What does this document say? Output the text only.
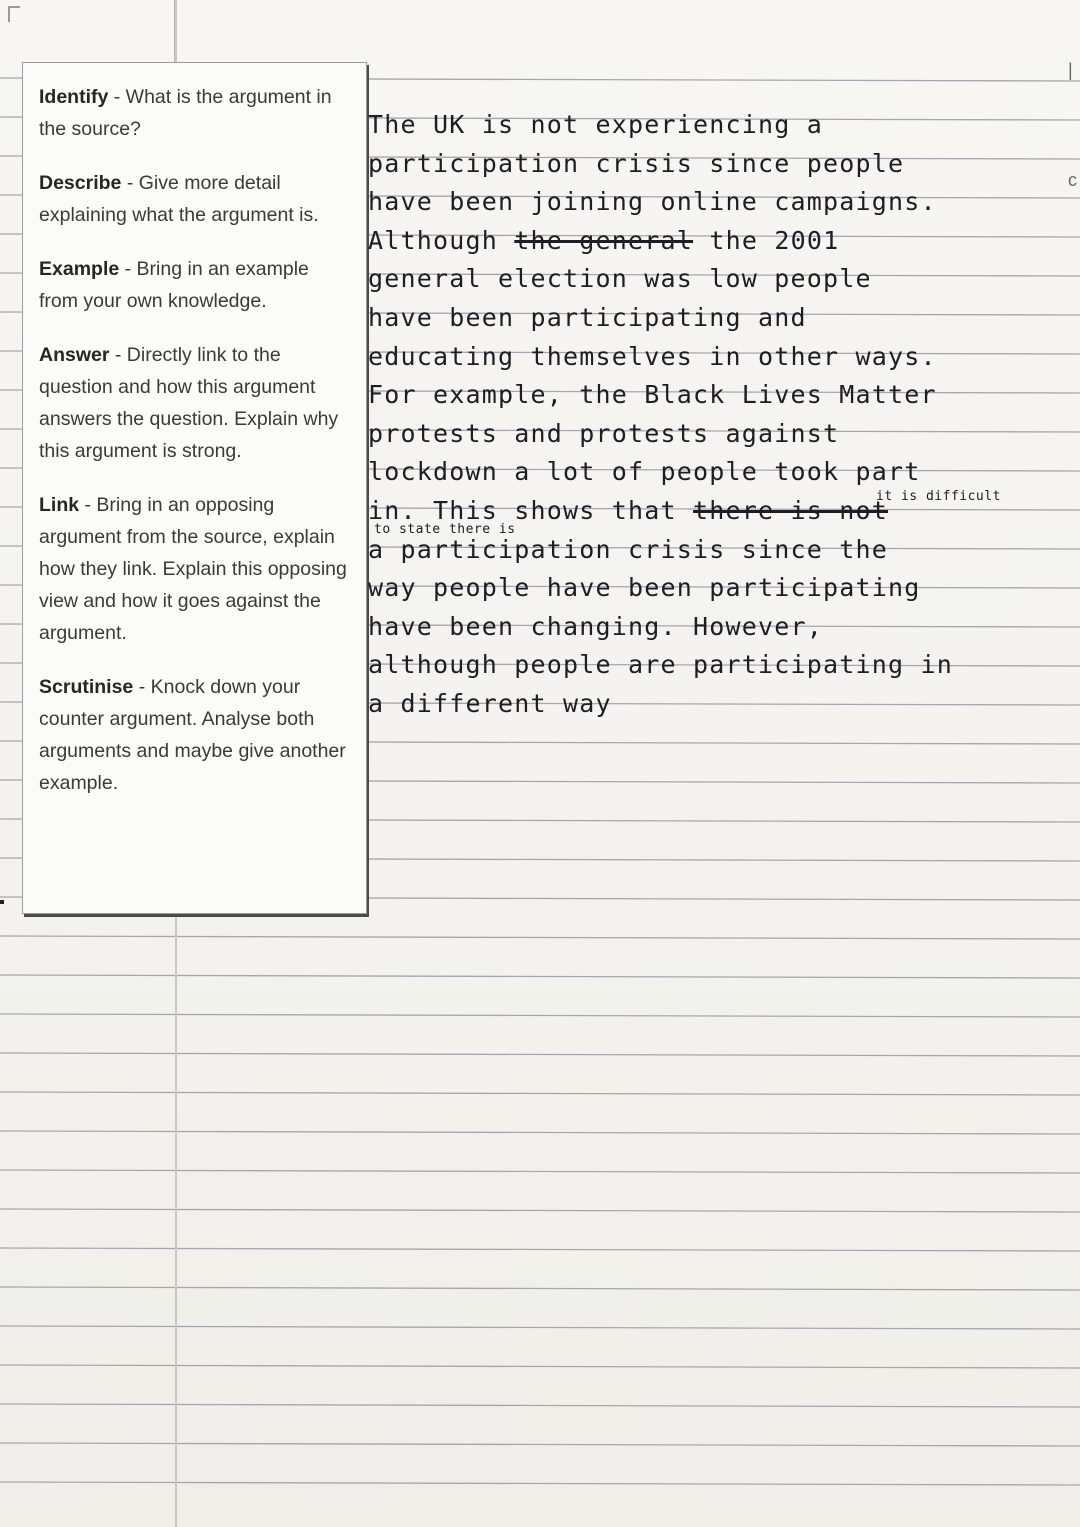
Identify - What is the argument in the source?
Describe - Give more detail explaining what the argument is.
Example - Bring in an example from your own knowledge.
Answer - Directly link to the question and how this argument answers the question. Explain why this argument is strong.
Link - Bring in an opposing argument from the source, explain how they link. Explain this opposing view and how it goes against the argument.
Scrutinise - Knock down your counter argument. Analyse both arguments and maybe give another example.
The UK is not experiencing a
participation crisis since people
have been joining online campaigns.
Although the general the 2001
general election was low people
have been participating and
educating themselves in other ways.
For example, the Black Lives Matter
protests and protests against
lockdown a lot of people took part
in. This shows that there is not
it is difficult
to state there is
a participation crisis since the
way people have been participating
have been changing. However,
although people are participating in
a different way
|
c
